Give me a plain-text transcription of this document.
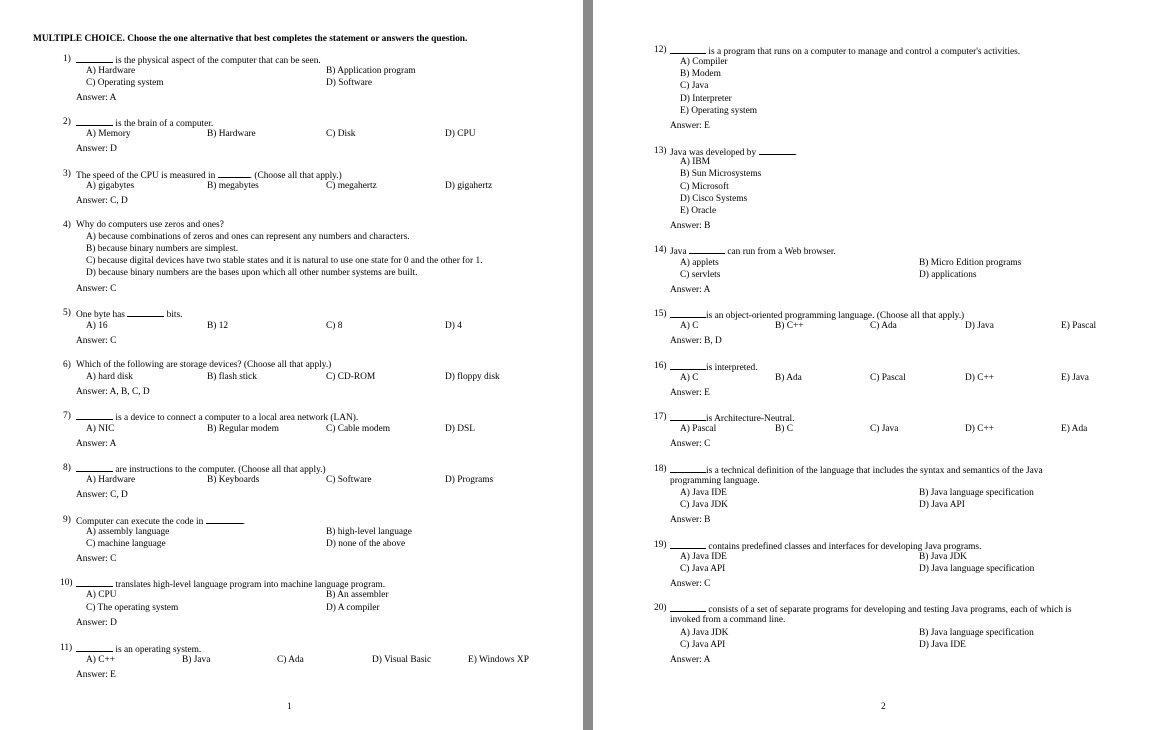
MULTIPLE CHOICE. Choose the one alternative that best completes the statement or answers the question.
1)	is the physical aspect of the computer that can be seen.
A) Hardware	B) Application program
C) Operating system	D) Software
Answer: A
2)	is the brain of a computer.
A) Memory	B) Hardware	C) Disk	D) CPU
Answer: D
3) The speed of the CPU is measured in	. (Choose all that apply.)
A) gigabytes	B) megabytes	C) megahertz	D) gigahertz
Answer: C, D
4) Why do computers use zeros and ones?
A) because combinations of zeros and ones can represent any numbers and characters.
B) because binary numbers are simplest.
C) because digital devices have two stable states and it is natural to use one state for 0 and the other for 1.
D) because binary numbers are the bases upon which all other number systems are built.
Answer: C
5) One byte has	bits.
A) 16	B) 12	C) 8	D) 4
Answer: C
6) Which of the following are storage devices? (Choose all that apply.)
A) hard disk	B) flash stick	C) CD-ROM	D) floppy disk
Answer: A, B, C, D
7)	is a device to connect a computer to a local area network (LAN).
A) NIC	B) Regular modem	C) Cable modem	D) DSL
Answer: A
8)	are instructions to the computer. (Choose all that apply.)
A) Hardware	B) Keyboards	C) Software	D) Programs
Answer: C, D
9) Computer can execute the code in	.
A) assembly language	B) high-level language
C) machine language	D) none of the above
Answer: C
10)	translates high-level language program into machine language program.
A) CPU	B) An assembler
C) The operating system	D) A compiler
Answer: D
11)	is an operating system.
A) C++	B) Java	C) Ada	D) Visual Basic	E) Windows XP
Answer: E
1
12)	is a program that runs on a computer to manage and control a computer's activities.
A) Compiler
B) Modem
C) Java
D) Interpreter
E) Operating system
Answer: E
13) Java was developed by	.
A) IBM
B) Sun Microsystems
C) Microsoft
D) Cisco Systems
E) Oracle
Answer: B
14) Java	can run from a Web browser.
A) applets	B) Micro Edition programs
C) servlets	D) applications
Answer: A
15)	is an object-oriented programming language. (Choose all that apply.)
A) C	B) C++	C) Ada	D) Java	E) Pascal
Answer: B, D
16)	is interpreted.
A) C	B) Ada	C) Pascal	D) C++	E) Java
Answer: E
17)	is Architecture-Neutral.
A) Pascal	B) C	C) Java	D) C++	E) Ada
Answer: C
18)	is a technical definition of the language that includes the syntax and semantics of the Java
programming language.
A) Java IDE	B) Java language specification
C) Java JDK	D) Java API
Answer: B
19)	contains predefined classes and interfaces for developing Java programs.
A) Java IDE	B) Java JDK
C) Java API	D) Java language specification
Answer: C
20)	consists of a set of separate programs for developing and testing Java programs, each of which is
invoked from a command line.
A) Java JDK	B) Java language specification
C) Java API	D) Java IDE
Answer: A
2
